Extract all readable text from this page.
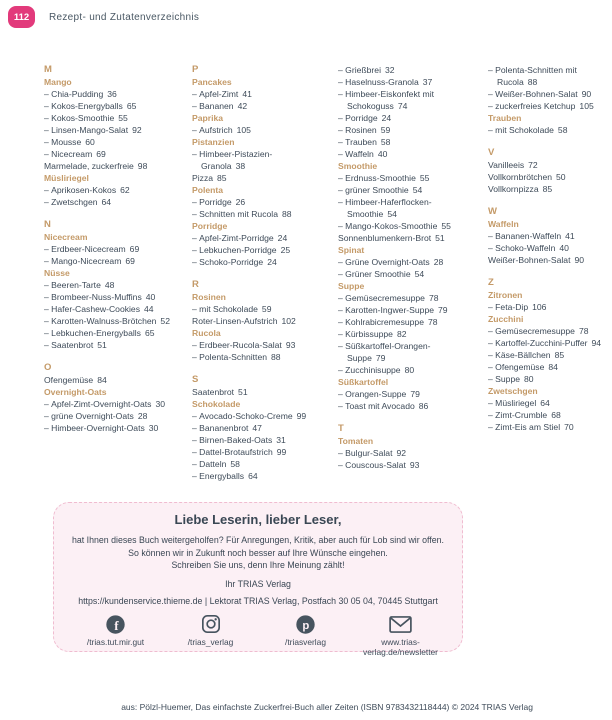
112	Rezept- und Zutatenverzeichnis
M
Mango
– Chia-Pudding 36
– Kokos-Energyballs 65
– Kokos-Smoothie 55
– Linsen-Mango-Salat 92
– Mousse 60
– Nicecream 69
Marmelade, zuckerfreie 98
Müsliriegel
– Aprikosen-Kokos 62
– Zwetschgen 64
N
Nicecream
– Erdbeer-Nicecream 69
– Mango-Nicecream 69
Nüsse
– Beeren-Tarte 48
– Brombeer-Nuss-Muffins 40
– Hafer-Cashew-Cookies 44
– Karotten-Walnuss-Brötchen 52
– Lebkuchen-Energyballs 65
– Saatenbrot 51
O
Ofengemüse 84
Overnight-Oats
– Apfel-Zimt-Overnight-Oats 30
– grüne Overnight-Oats 28
– Himbeer-Overnight-Oats 30
P
Pancakes
– Apfel-Zimt 41
– Bananen 42
Paprika
– Aufstrich 105
Pistanzien
– Himbeer-Pistazien-Granola 38
Pizza 85
Polenta
– Porridge 26
– Schnitten mit Rucola 88
Porridge
– Apfel-Zimt-Porridge 24
– Lebkuchen-Porridge 25
– Schoko-Porridge 24
R
Rosinen
– mit Schokolade 59
Roter-Linsen-Aufstrich 102
Rucola
– Erdbeer-Rucola-Salat 93
– Polenta-Schnitten 88
S
Saatenbrot 51
Schokolade
– Avocado-Schoko-Creme 99
– Bananenbrot 47
– Birnen-Baked-Oats 31
– Dattel-Brotaufstrich 99
– Datteln 58
– Energyballs 64
– Grießbrei 32
– Haselnuss-Granola 37
– Himbeer-Eiskonfekt mit Schokoguss 74
– Porridge 24
– Rosinen 59
– Trauben 58
– Waffeln 40
Smoothie
– Erdnuss-Smoothie 55
– grüner Smoothie 54
– Himbeer-Haferflocken-Smoothie 54
– Mango-Kokos-Smoothie 55
Sonnenblumenkern-Brot 51
Spinat
– Grüne Overnight-Oats 28
– Grüner Smoothie 54
Suppe
– Gemüsecremesuppe 78
– Karotten-Ingwer-Suppe 79
– Kohlrabicremesuppe 78
– Kürbissuppe 82
– Süßkartoffel-Orangen-Suppe 79
– Zucchinisuppe 80
Süßkartoffel
– Orangen-Suppe 79
– Toast mit Avocado 86
T
Tomaten
– Bulgur-Salat 92
– Couscous-Salat 93
– Polenta-Schnitten mit Rucola 88
– Weißer-Bohnen-Salat 90
– zuckerfreies Ketchup 105
Trauben
– mit Schokolade 58
V
Vanilleeis 72
Vollkornbrötchen 50
Vollkornpizza 85
W
Waffeln
– Bananen-Waffeln 41
– Schoko-Waffeln 40
Weißer-Bohnen-Salat 90
Z
Zitronen
– Feta-Dip 106
Zucchini
– Gemüsecremesuppe 78
– Kartoffel-Zucchini-Puffer 94
– Käse-Bällchen 85
– Ofengemüse 84
– Suppe 80
Zwetschgen
– Müsliriegel 64
– Zimt-Crumble 68
– Zimt-Eis am Stiel 70
Liebe Leserin, lieber Leser,

hat Ihnen dieses Buch weitergeholfen? Für Anregungen, Kritik, aber auch für Lob sind wir offen.

So können wir in Zukunft noch besser auf Ihre Wünsche eingehen.

Schreiben Sie uns, denn Ihre Meinung zählt!

Ihr TRIAS Verlag

https://kundenservice.thieme.de | Lektorat TRIAS Verlag, Postfach 30 05 04, 70445 Stuttgart

f
/trias.tut.mir.gut	/trias_verlag
p
/triasverlag	www.trias-verlag.de/newsletter
aus: Pölzl-Huemer, Das einfachste Zuckerfrei-Buch aller Zeiten (ISBN 9783432118444) © 2024 TRIAS Verlag
